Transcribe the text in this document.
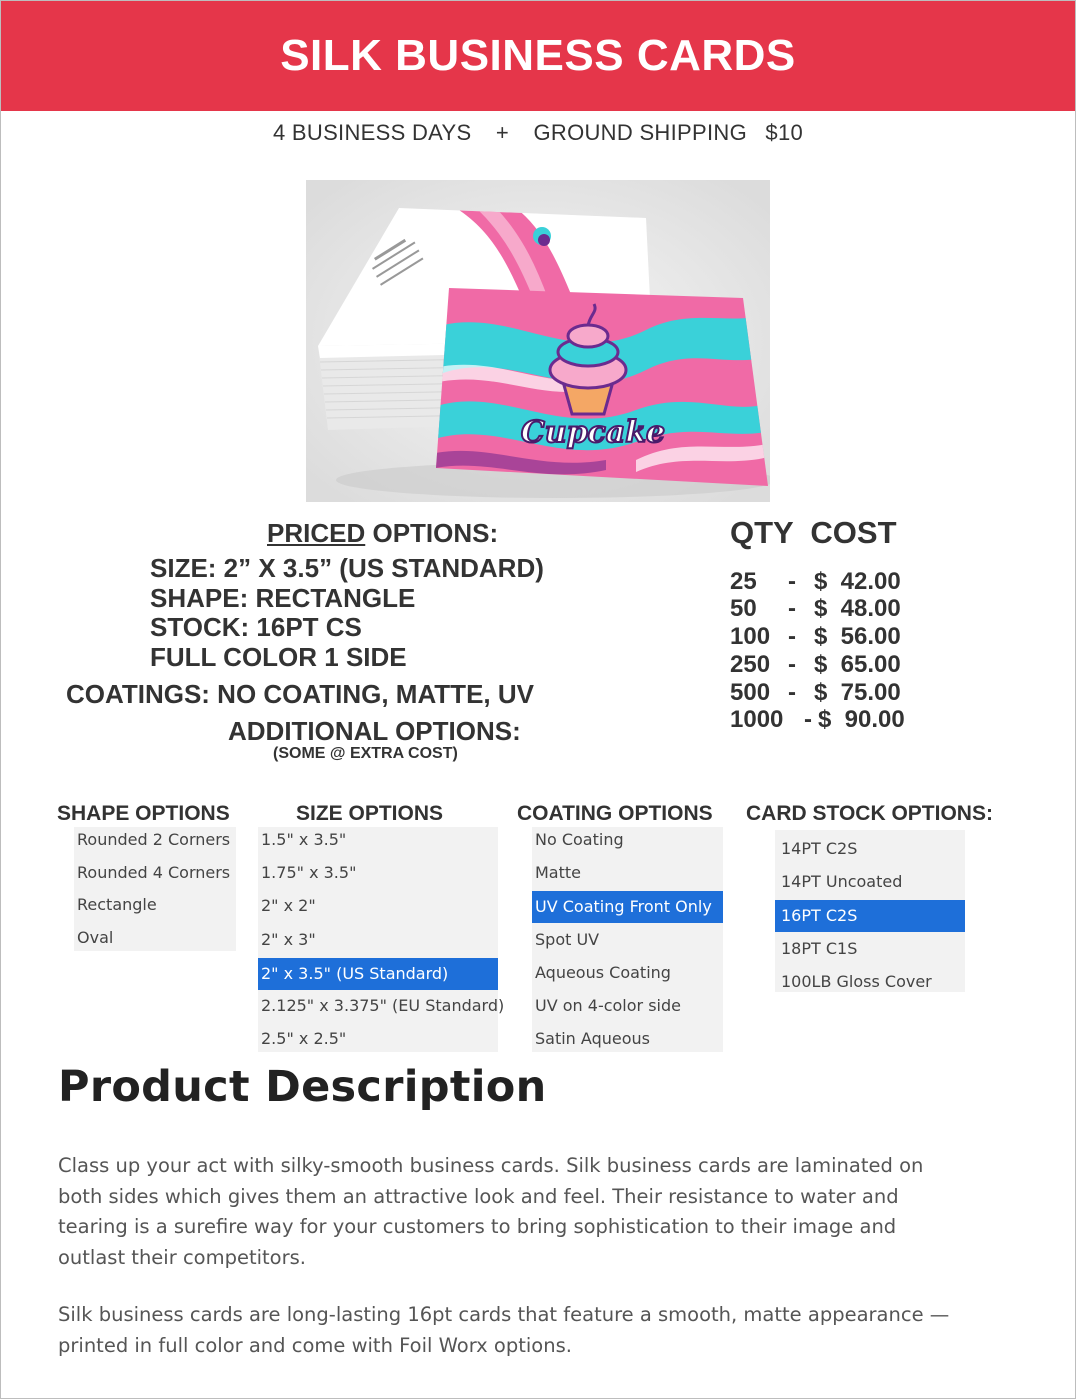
SILK BUSINESS CARDS
4 BUSINESS DAYS + GROUND SHIPPING $10
Cupcake
PRICED OPTIONS:
SIZE: 2” X 3.5” (US STANDARD)
SHAPE: RECTANGLE
STOCK: 16PT CS
FULL COLOR 1 SIDE
COATINGS: NO COATING, MATTE, UV
ADDITIONAL OPTIONS:
(SOME @ EXTRA COST)
QTY  COST
25 - $  42.00
50 - $  48.00
100 - $  56.00
250 - $  65.00
500 - $  75.00
1000 - $  90.00
SHAPE OPTIONS
Rounded 2 Corners
Rounded 4 Corners
Rectangle
Oval
SIZE OPTIONS
1.5" x 3.5"
1.75" x 3.5"
2" x 2"
2" x 3"
2" x 3.5" (US Standard)
2.125" x 3.375" (EU Standard)
2.5" x 2.5"
COATING OPTIONS
No Coating
Matte
UV Coating Front Only
Spot UV
Aqueous Coating
UV on 4-color side
Satin Aqueous
CARD STOCK OPTIONS:
14PT C2S
14PT Uncoated
16PT C2S
18PT C1S
100LB Gloss Cover
Product Description
Class up your act with silky-smooth business cards. Silk business cards are laminated on both sides which gives them an attractive look and feel. Their resistance to water and tearing is a surefire way for your customers to bring sophistication to their image and outlast their competitors.
Silk business cards are long-lasting 16pt cards that feature a smooth, matte appearance — printed in full color and come with Foil Worx options.
